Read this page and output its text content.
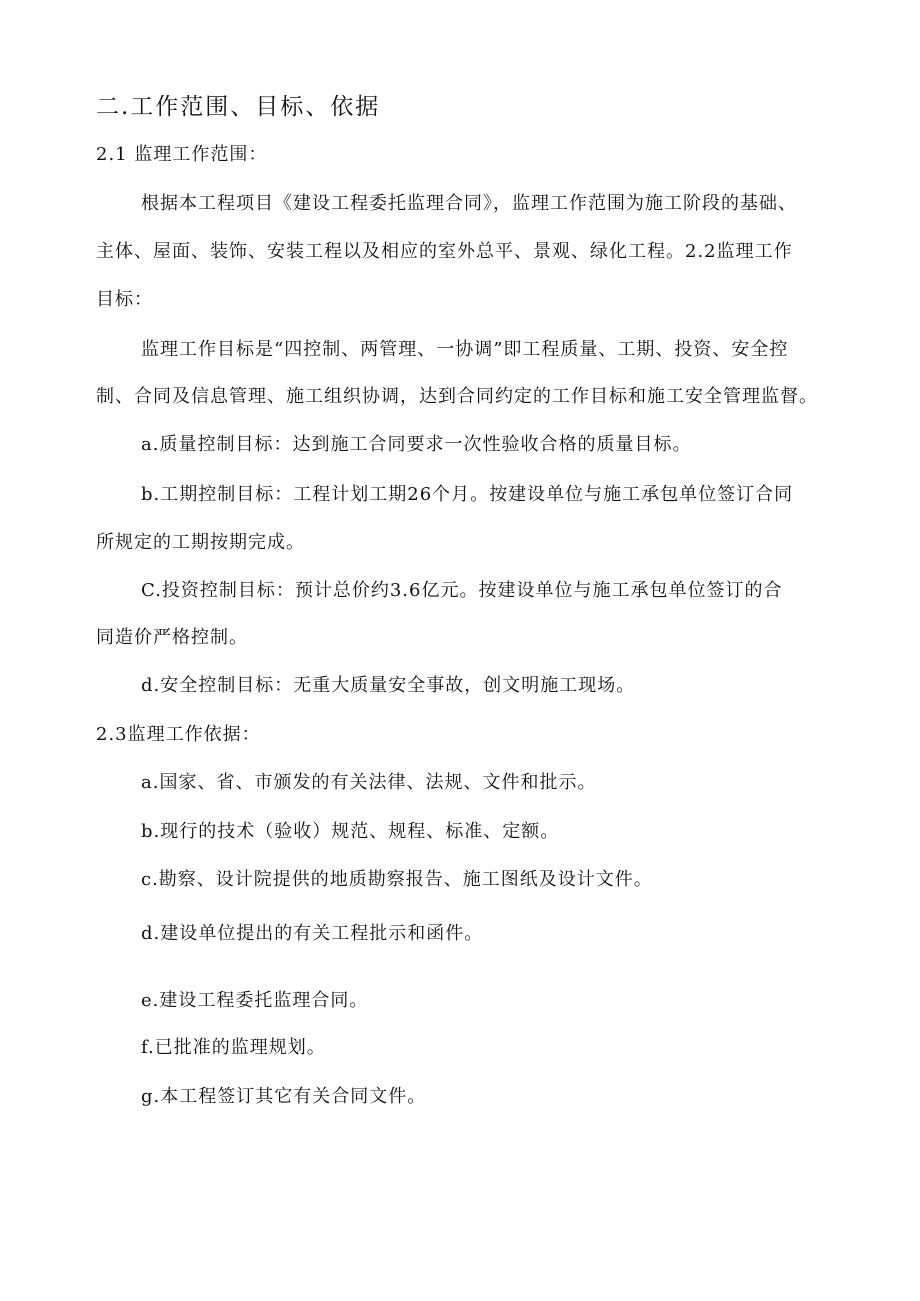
二.工作范围、目标、依据
2.1 监理工作范围：
根据本工程项目《建设工程委托监理合同》，监理工作范围为施工阶段的基础、
主体、屋面、装饰、安装工程以及相应的室外总平、景观、绿化工程。2.2监理工作
目标：
监理工作目标是“四控制、两管理、一协调”即工程质量、工期、投资、安全控
制、合同及信息管理、施工组织协调，达到合同约定的工作目标和施工安全管理监督。
a.质量控制目标：达到施工合同要求一次性验收合格的质量目标。
b.工期控制目标：工程计划工期26个月。按建设单位与施工承包单位签订合同
所规定的工期按期完成。
C.投资控制目标：预计总价约3.6亿元。按建设单位与施工承包单位签订的合
同造价严格控制。
d.安全控制目标：无重大质量安全事故，创文明施工现场。
2.3监理工作依据：
a.国家、省、市颁发的有关法律、法规、文件和批示。
b.现行的技术（验收）规范、规程、标准、定额。
c.勘察、设计院提供的地质勘察报告、施工图纸及设计文件。
d.建设单位提出的有关工程批示和函件。
e.建设工程委托监理合同。
f.已批准的监理规划。
g.本工程签订其它有关合同文件。
